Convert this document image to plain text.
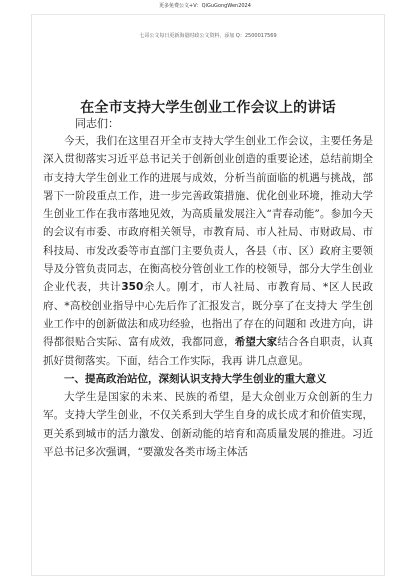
更多免费公文+V：QiGuGongWen2024
七哥公文每日更新海量时政公文资料，添加 Q：2500017569
在全市支持大学生创业工作会议上的讲话
同志们：

今天，我们在这里召开全市支持大学生创业工作会议，主要任务是深入贯彻落实习近平总书记关于创新创业创造的重要论述，总结前期全市支持大学生创业工作的进展与成效，分析当前面临的机遇与挑战，部署下一阶段重点工作，进一步完善政策措施、优化创业环境，推动大学生创业工作在我市落地见效，为高质量发展注入“青春动能”。参加今天的会议有市委、市政府相关领导，市教育局、市人社局、市财政局、市科技局、市发改委等市直部门主要负责人，各县（市、区）政府主要领导及分管负责同志，在衡高校分管创业工作的校领导，部分大学生创业企业代表，共计350余人。刚才，市人社局、市教育局、*区人民政府、*高校创业指导中心先后作了汇报发言，既分享了在支持大 学生创业工作中的创新做法和成功经验，也指出了存在的问题和 改进方向，讲得都很贴合实际、富有成效，我都同意，希望大家结合各自职责，认真抓好贯彻落实。下面，结合工作实际，我再 讲几点意见。

一、提高政治站位，深刻认识支持大学生创业的重大意义

大学生是国家的未来、民族的希望，是大众创业万众创新的生力军。支持大学生创业，不仅关系到大学生自身的成长成才和价值实现，更关系到城市的活力激发、创新动能的培育和高质量发展的推进。习近平总书记多次强调，“要激发各类市场主体活
